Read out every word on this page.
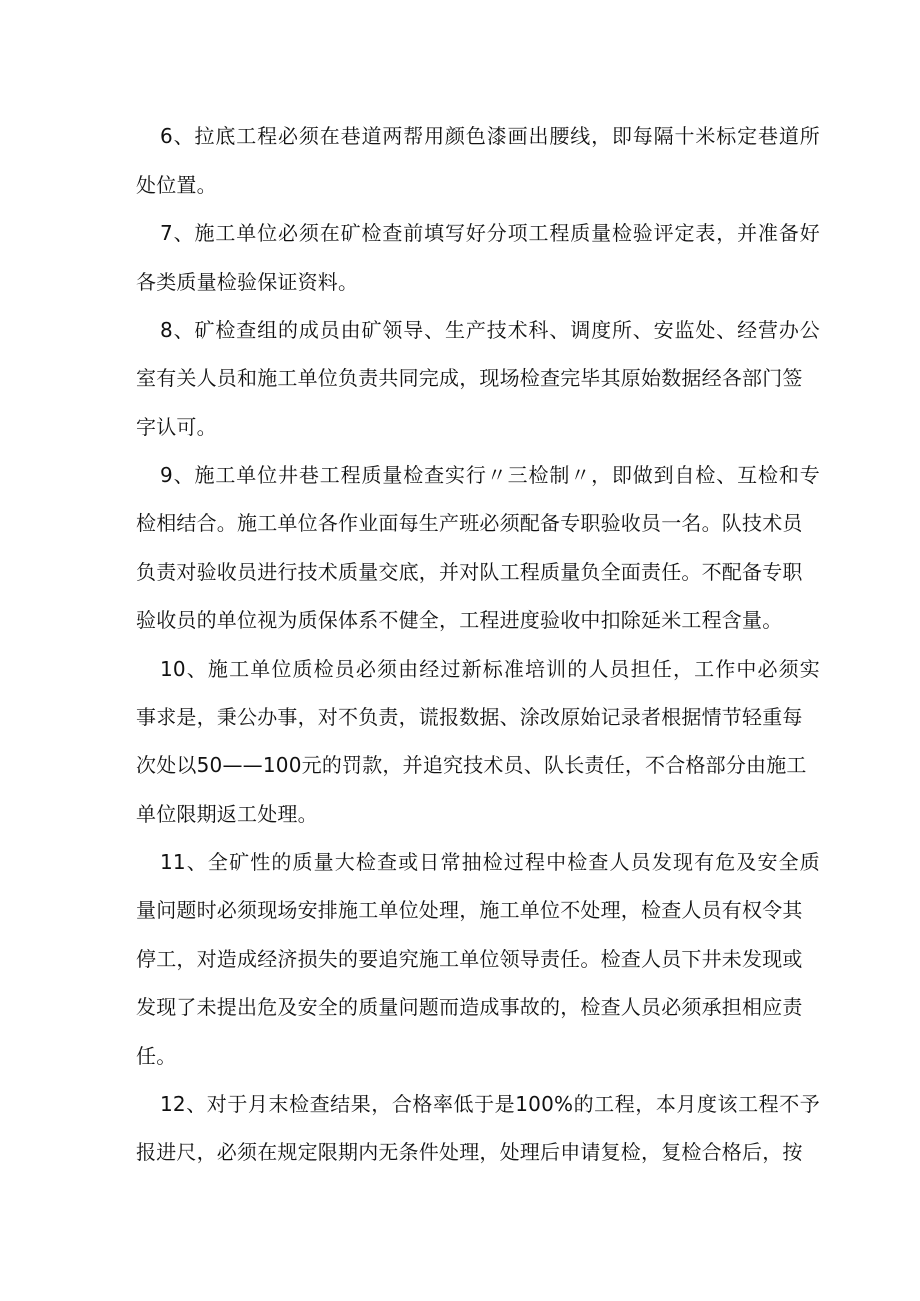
6、拉底工程必须在巷道两帮用颜色漆画出腰线，即每隔十米标定巷道所
处位置。
7、施工单位必须在矿检查前填写好分项工程质量检验评定表，并准备好
各类质量检验保证资料。
8、矿检查组的成员由矿领导、生产技术科、调度所、安监处、经营办公
室有关人员和施工单位负责共同完成，现场检查完毕其原始数据经各部门签
字认可。
9、施工单位井巷工程质量检查实行〃三检制〃，即做到自检、互检和专
检相结合。施工单位各作业面每生产班必须配备专职验收员一名。队技术员
负责对验收员进行技术质量交底，并对队工程质量负全面责任。不配备专职
验收员的单位视为质保体系不健全，工程进度验收中扣除延米工程含量。
10、施工单位质检员必须由经过新标准培训的人员担任，工作中必须实
事求是，秉公办事，对不负责，谎报数据、涂改原始记录者根据情节轻重每
次处以50——100元的罚款，并追究技术员、队长责任，不合格部分由施工
单位限期返工处理。
11、全矿性的质量大检查或日常抽检过程中检查人员发现有危及安全质
量问题时必须现场安排施工单位处理，施工单位不处理，检查人员有权令其
停工，对造成经济损失的要追究施工单位领导责任。检查人员下井未发现或
发现了未提出危及安全的质量问题而造成事故的，检查人员必须承担相应责
任。
12、对于月末检查结果，合格率低于是100%的工程，本月度该工程不予
报进尺，必须在规定限期内无条件处理，处理后申请复检，复检合格后，按
